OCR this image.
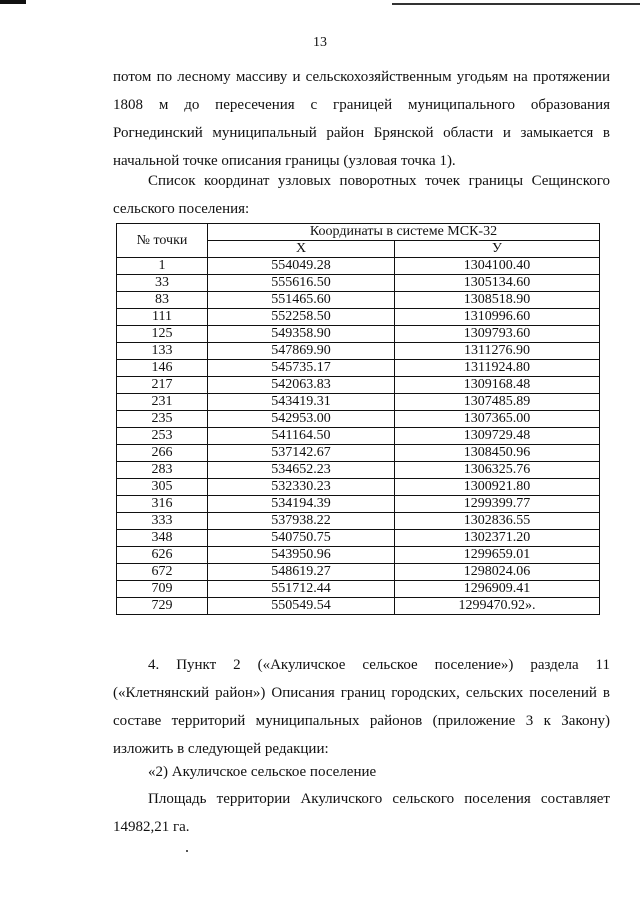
13
потом по лесному массиву и сельскохозяйственным угодьям на протяжении
1808 м до пересечения с границей муниципального образования
Рогнединский муниципальный район Брянской области и замыкается в
начальной точке описания границы (узловая точка 1).
Список координат узловых поворотных точек границы Сещинского
сельского поселения:
№ точки	Координаты в системе МСК-32	
	X	У
1	554049.28	1304100.40
33	555616.50	1305134.60
83	551465.60	1308518.90
111	552258.50	1310996.60
125	549358.90	1309793.60
133	547869.90	1311276.90
146	545735.17	1311924.80
217	542063.83	1309168.48
231	543419.31	1307485.89
235	542953.00	1307365.00
253	541164.50	1309729.48
266	537142.67	1308450.96
283	534652.23	1306325.76
305	532330.23	1300921.80
316	534194.39	1299399.77
333	537938.22	1302836.55
348	540750.75	1302371.20
626	543950.96	1299659.01
672	548619.27	1298024.06
709	551712.44	1296909.41
729	550549.54	1299470.92».
4. Пункт 2 («Акуличское сельское поселение») раздела 11
(«Клетнянский район») Описания границ городских, сельских поселений в
составе территорий муниципальных районов (приложение 3 к Закону)
изложить в следующей редакции:
«2) Акуличское сельское поселение
Площадь территории Акуличского сельского поселения составляет
14982,21 га.
